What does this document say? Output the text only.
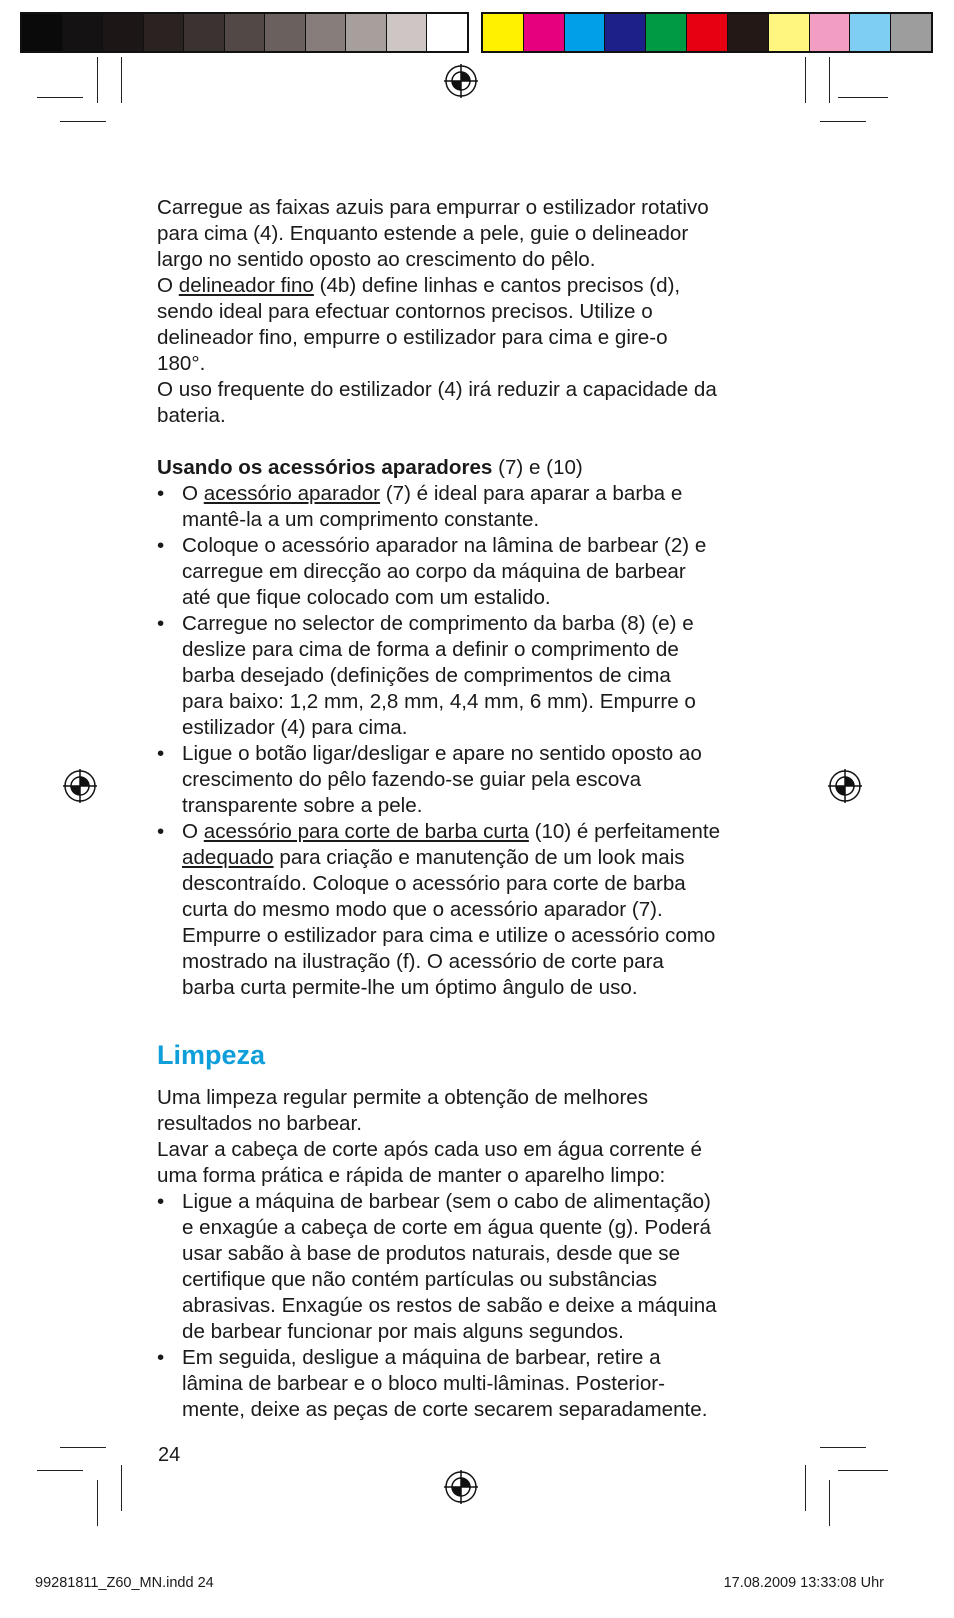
Carregue as faixas azuis para empurrar o estilizador rotativo

para cima (4). Enquanto estende a pele, guie o delineador

largo no sentido oposto ao crescimento do pêlo.

O delineador fino (4b) define linhas e cantos precisos (d),

sendo ideal para efectuar contornos precisos. Utilize o

delineador fino, empurre o estilizador para cima e gire-o

180°.

O uso frequente do estilizador (4) irá reduzir a capacidade da

bateria.

Usando os acessórios aparadores (7) e (10)

• O acessório aparador (7) é ideal para aparar a barba e

mantê-la a um comprimento constante.

• Coloque o acessório aparador na lâmina de barbear (2) e

carregue em direcção ao corpo da máquina de barbear

até que fique colocado com um estalido.

• Carregue no selector de comprimento da barba (8) (e) e

deslize para cima de forma a definir o comprimento de

barba desejado (definições de comprimentos de cima

para baixo: 1,2 mm, 2,8 mm, 4,4 mm, 6 mm). Empurre o

estilizador (4) para cima.

• Ligue o botão ligar/desligar e apare no sentido oposto ao

crescimento do pêlo fazendo-se guiar pela escova

transparente sobre a pele.

• O acessório para corte de barba curta (10) é perfeitamente

adequado para criação e manutenção de um look mais

descontraído. Coloque o acessório para corte de barba

curta do mesmo modo que o acessório aparador (7).

Empurre o estilizador para cima e utilize o acessório como

mostrado na ilustração (f). O acessório de corte para

barba curta permite-lhe um óptimo ângulo de uso.

Limpeza

Uma limpeza regular permite a obtenção de melhores

resultados no barbear.

Lavar a cabeça de corte após cada uso em água corrente é

uma forma prática e rápida de manter o aparelho limpo:

• Ligue a máquina de barbear (sem o cabo de alimentação)

e enxagúe a cabeça de corte em água quente (g). Poderá

usar sabão à base de produtos naturais, desde que se

certifique que não contém partículas ou substâncias

abrasivas. Enxagúe os restos de sabão e deixe a máquina

de barbear funcionar por mais alguns segundos.

• Em seguida, desligue a máquina de barbear, retire a

lâmina de barbear e o bloco multi-lâminas. Posterior-

mente, deixe as peças de corte secarem separadamente.

24
99281811_Z60_MN.indd 24	17.08.2009 13:33:08 Uhr
